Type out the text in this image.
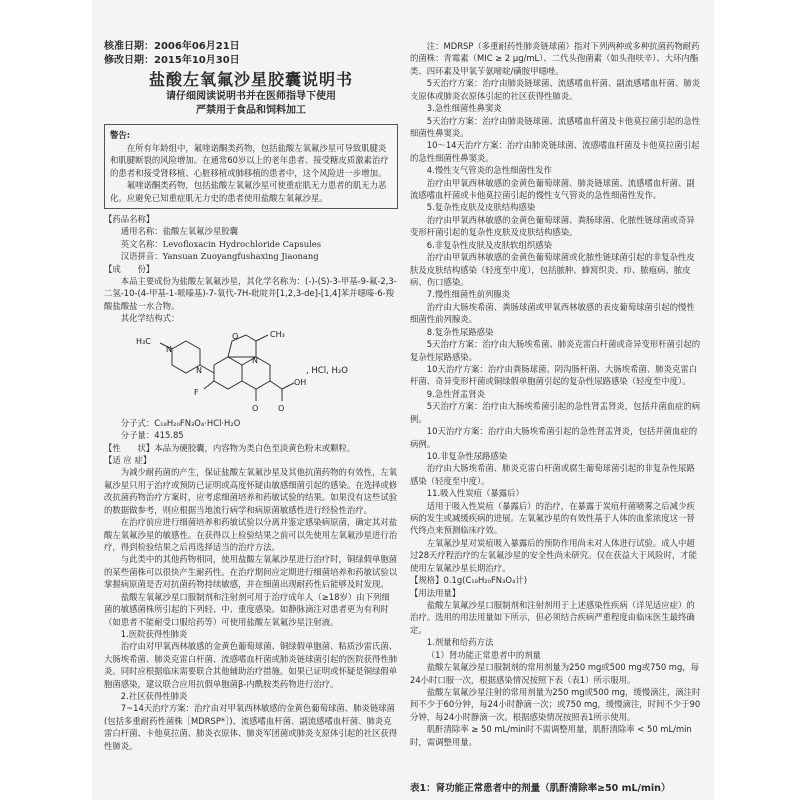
核准日期：2006年06月21日
修改日期：2015年10月30日
盐酸左氧氟沙星胶囊说明书
请仔细阅读说明书并在医师指导下使用
严禁用于食品和饲料加工
警告:

在所有年龄组中，氟喹诺酮类药物，包括盐酸左氧氟沙星可导致肌腱炎和肌腱断裂的风险增加。在通常60岁以上的老年患者、接受糖皮质激素治疗的患者和接受肾移植、心脏移植或肺移植的患者中，这个风险进一步增加。

氟喹诺酮类药物，包括盐酸左氧氟沙星可使重症肌无力患者的肌无力恶化。应避免已知重症肌无力史的患者使用盐酸左氧氟沙星。

【药品名称】

通用名称：盐酸左氧氟沙星胶囊

英文名称：Levofloxacin Hydrochloride Capsules

汉语拼音：Yansuan Zuoyangfushaxing Jiaonang

【成　　份】

本品主要成份为盐酸左氧氟沙星，其化学名称为：(-)-(S)-3-甲基-9-氟-2,3-二氢-10-(4-甲基-1-哌嗪基)-7-氧代-7H-吡啶并[1,2,3-de]-[1,4]苯并噁嗪-6-羧酸盐酸盐一水合物。

其化学结构式：

H₃C
N
N
F
O O
OH
O	CH₃
N
, HCl, H₂O

分子式：C₁₈H₂₀FN₃O₄·HCl·H₂O

分子量：415.85

【性　　状】本品为硬胶囊，内容物为类白色至淡黄色粉末或颗粒。
【适 应 症】

为减少耐药菌的产生，保证盐酸左氧氟沙星及其他抗菌药物的有效性，左氧氟沙星只用于治疗或预防已证明或高度怀疑由敏感细菌引起的感染。在选择或修改抗菌药物治疗方案时，应考虑细菌培养和药敏试验的结果。如果没有这些试验的数据做参考，则应根据当地流行病学和病原菌敏感性进行经验性治疗。

在治疗前应进行细菌培养和药敏试验以分离并鉴定感染病原菌，确定其对盐酸左氧氟沙星的敏感性。在获得以上检验结果之前可以先使用左氧氟沙星进行治疗，得到检验结果之后再选择适当的治疗方法。

与此类中的其他药物相同，使用盐酸左氧氟沙星进行治疗时，铜绿假单胞菌的某些菌株可以很快产生耐药性。在治疗期间应定期进行细菌培养和药敏试验以掌握病原菌是否对抗菌药物持续敏感，并在细菌出现耐药性后能够及时发现。

盐酸左氧氟沙星口服制剂和注射剂可用于治疗成年人（≥18岁）由下列细菌的敏感菌株所引起的下列轻、中、重度感染。如静脉滴注对患者更为有利时（如患者不能耐受口服给药等）可使用盐酸左氧氟沙星注射液。

1.医院获得性肺炎

治疗由对甲氧西林敏感的金黄色葡萄球菌、铜绿假单胞菌、粘质沙雷氏菌、大肠埃希菌、肺炎克雷白杆菌、流感嗜血杆菌或肺炎链球菌引起的医院获得性肺炎。同时应根据临床需要联合其他辅助治疗措施。如果已证明或怀疑是铜绿假单胞菌感染，建议联合应用抗假单胞菌β-内酰胺类药物进行治疗。

2.社区获得性肺炎

7~14天治疗方案：治疗由对甲氧西林敏感的金黄色葡萄球菌、肺炎链球菌(包括多重耐药性菌株［MDRSP*］)、流感嗜血杆菌、副流感嗜血杆菌、肺炎克雷白杆菌、卡他莫拉菌、肺炎衣原体、肺炎军团菌或肺炎支原体引起的社区获得性肺炎。

注：MDRSP（多重耐药性肺炎链球菌）指对下列两种或多种抗菌药物耐药的菌株：青霉素（MIC ≥ 2 μg/mL）、二代头孢菌素（如头孢呋辛）、大环内酯类、四环素及甲氧苄氨嘧啶/磺胺甲噁唑。

5天治疗方案：治疗由肺炎链球菌、流感嗜血杆菌、副流感嗜血杆菌、肺炎支原体或肺炎衣原体引起的社区获得性肺炎。

3.急性细菌性鼻窦炎

5天治疗方案：治疗由肺炎链球菌、流感嗜血杆菌及卡他莫拉菌引起的急性细菌性鼻窦炎。

10～14天治疗方案：治疗由肺炎链球菌、流感嗜血杆菌及卡他莫拉菌引起的急性细菌性鼻窦炎。

4.慢性支气管炎的急性细菌性发作

治疗由甲氧西林敏感的金黄色葡萄球菌、肺炎链球菌、流感嗜血杆菌、副流感嗜血杆菌或卡他莫拉菌引起的慢性支气管炎的急性细菌性发作。

5.复杂性皮肤及皮肤结构感染

治疗由甲氧西林敏感的金黄色葡萄球菌、粪肠球菌、化脓性链球菌或奇异变形杆菌引起的复杂性皮肤及皮肤结构感染。

6.非复杂性皮肤及皮肤软组织感染

治疗由甲氧西林敏感的金黄色葡萄球菌或化脓性链球菌引起的非复杂性皮肤及皮肤结构感染（轻度至中度），包括脓肿、蜂窝织炎、疖、脓疱病、脓皮病、伤口感染。

7.慢性细菌性前列腺炎

治疗由大肠埃希菌、粪肠球菌或甲氧西林敏感的表皮葡萄球菌引起的慢性细菌性前列腺炎。

8.复杂性尿路感染

5天治疗方案：治疗由大肠埃希菌、肺炎克雷白杆菌或奇异变形杆菌引起的复杂性尿路感染。

10天治疗方案：治疗由粪肠球菌、阴沟肠杆菌、大肠埃希菌、肺炎克雷白杆菌、奇异变形杆菌或铜绿假单胞菌引起的复杂性尿路感染（轻度至中度）。

9.急性肾盂肾炎

5天治疗方案：治疗由大肠埃希菌引起的急性肾盂肾炎，包括并菌血症的病例。

10天治疗方案：治疗由大肠埃希菌引起的急性肾盂肾炎，包括并菌血症的病例。

10.非复杂性尿路感染

治疗由大肠埃希菌、肺炎克雷白杆菌或腐生葡萄球菌引起的非复杂性尿路感染（轻度至中度）。

11.吸入性炭疽（暴露后）

适用于吸入性炭疽（暴露后）的治疗，在暴露于炭疽杆菌喷雾之后减少疾病的发生或减缓疾病的进展。左氧氟沙星的有效性基于人体的血浆浓度这一替代终点来预测临床疗效。

左氧氟沙星对炭疽吸入暴露后的预防作用尚未对人体进行试验。成人中超过28天疗程治疗的左氧氟沙星的安全性尚未研究。仅在获益大于风险时，才能使用左氧氟沙星长期治疗。

【规格】0.1g(C₁₈H₂₀FN₃O₄计)

【用法用量】

盐酸左氧氟沙星口服制剂和注射剂用于上述感染性疾病（详见适应症）的治疗。选用的用法用量如下所示，但必须结合疾病严重程度由临床医生最终确定。

1.剂量和给药方法

（1）肾功能正常患者中的剂量

盐酸左氧氟沙星口服制剂的常用剂量为250 mg或500 mg或750 mg，每24小时口服一次，根据感染情况按照下表（表1）所示服用。

盐酸左氧氟沙星注射的常用剂量为250 mg或500 mg，缓慢滴注，滴注时间不少于60分钟，每24小时静滴一次；或750 mg，缓慢滴注，时间不少于90分钟，每24小时静滴一次。根据感染情况按照表1所示使用。

肌酐清除率 ≥ 50 mL/min时不需调整用量，肌酐清除率 < 50 mL/min时，需调整用量。

表1：肾功能正常患者中的剂量（肌酐清除率≥50 mL/min）
